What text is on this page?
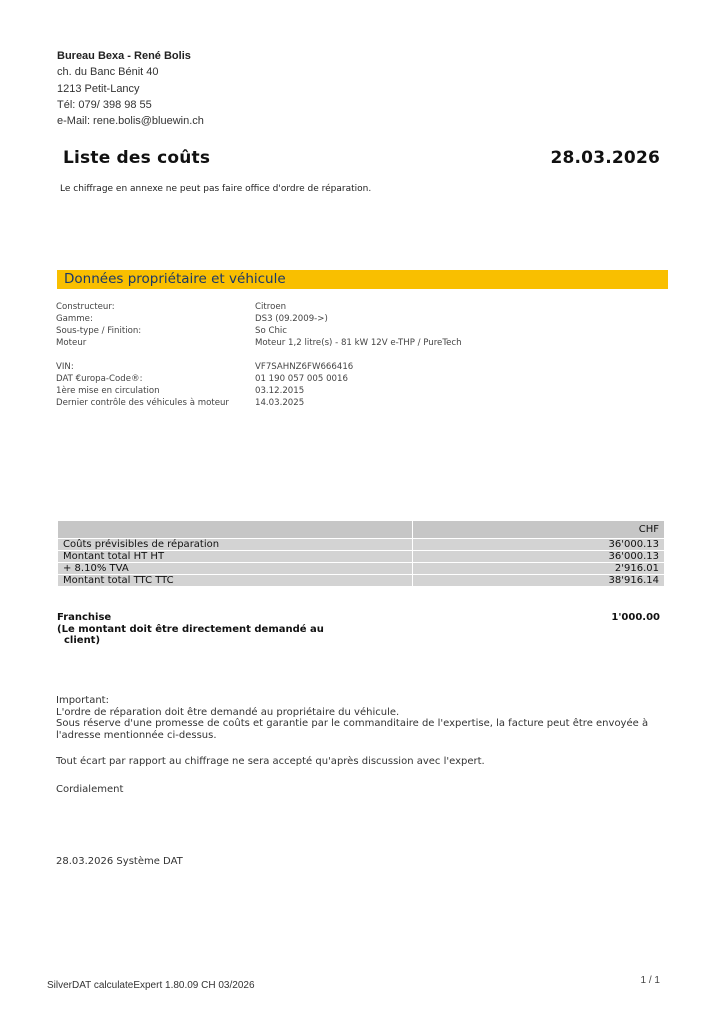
Bureau Bexa - René Bolis
ch. du Banc Bénit 40
1213 Petit-Lancy
Tél: 079/ 398 98 55
e-Mail: rene.bolis@bluewin.ch
Liste des coûts	28.03.2026
Le chiffrage en annexe ne peut pas faire office d'ordre de réparation.
Données propriétaire et véhicule
Constructeur:	Citroen
Gamme:	DS3 (09.2009->)
Sous-type / Finition:	So Chic
Moteur	Moteur 1,2 litre(s) - 81 kW 12V e-THP / PureTech
VIN:	VF7SAHNZ6FW666416
DAT €uropa-Code®:	01 190 057 005 0016
1ère mise en circulation	03.12.2015
Dernier contrôle des véhicules à moteur	14.03.2025
	CHF
Coûts prévisibles de réparation	36'000.13
Montant total HT HT	36'000.13
+ 8.10% TVA	2'916.01
Montant total TTC TTC	38'916.14
Franchise
(Le montant doit être directement demandé au
client)
1'000.00
Important:
L'ordre de réparation doit être demandé au propriétaire du véhicule.
Sous réserve d'une promesse de coûts et garantie par le commanditaire de l'expertise, la facture peut être envoyée à
l'adresse mentionnée ci-dessus.
Tout écart par rapport au chiffrage ne sera accepté qu'après discussion avec l'expert.
Cordialement
28.03.2026 Système DAT
1 / 1
SilverDAT calculateExpert 1.80.09 CH 03/2026
